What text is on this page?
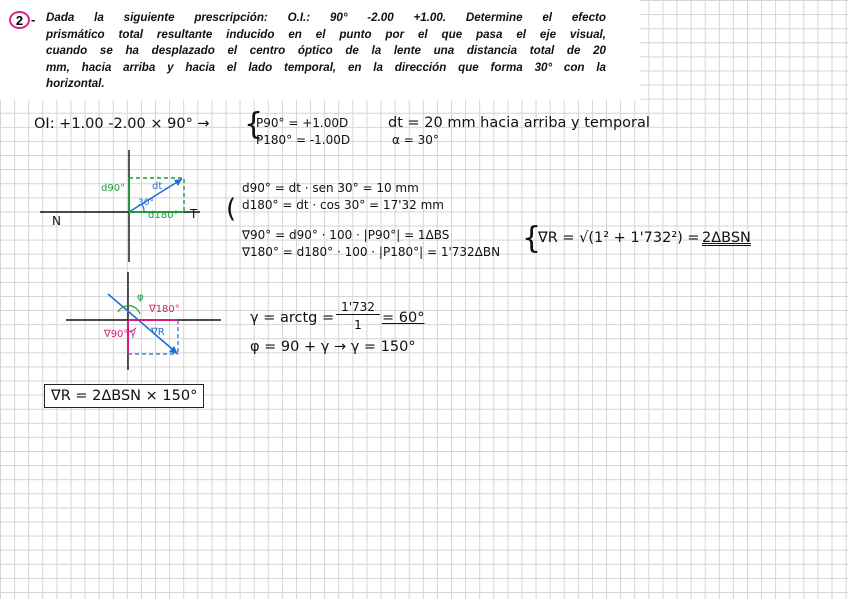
2 - Dada la siguiente prescripción: O.I.: 90° -2.00 +1.00. Determine el efecto
prismático total resultante inducido en el punto por el que pasa el eje visual,
cuando se ha desplazado el centro óptico de la lente una distancia total de 20
mm, hacia arriba y hacia el lado temporal, en la dirección que forma 30° con la
horizontal.
OI: +1.00 -2.00 × 90° → {
P90° = +1.00D
P180° = -1.00D
dt = 20 mm hacia arriba y temporal
α = 30°
d90°	dt
30°
d180°
N	T
d90° = dt · sen 30° = 10 mm
d180° = dt · cos 30° = 17'32 mm
(
∇90° = d90° · 100 · |P90°| = 1ΔBS
∇180° = d180° · 100 · |P180°| = 1'732ΔBN {
∇R = √(1² + 1'732²) = 2ΔBSN
∇180°
∇90° ∇R
γ
φ
γ = arctg =
1'732
1	= 60°
φ = 90 + γ → γ = 150°
∇R = 2ΔBSN × 150°
